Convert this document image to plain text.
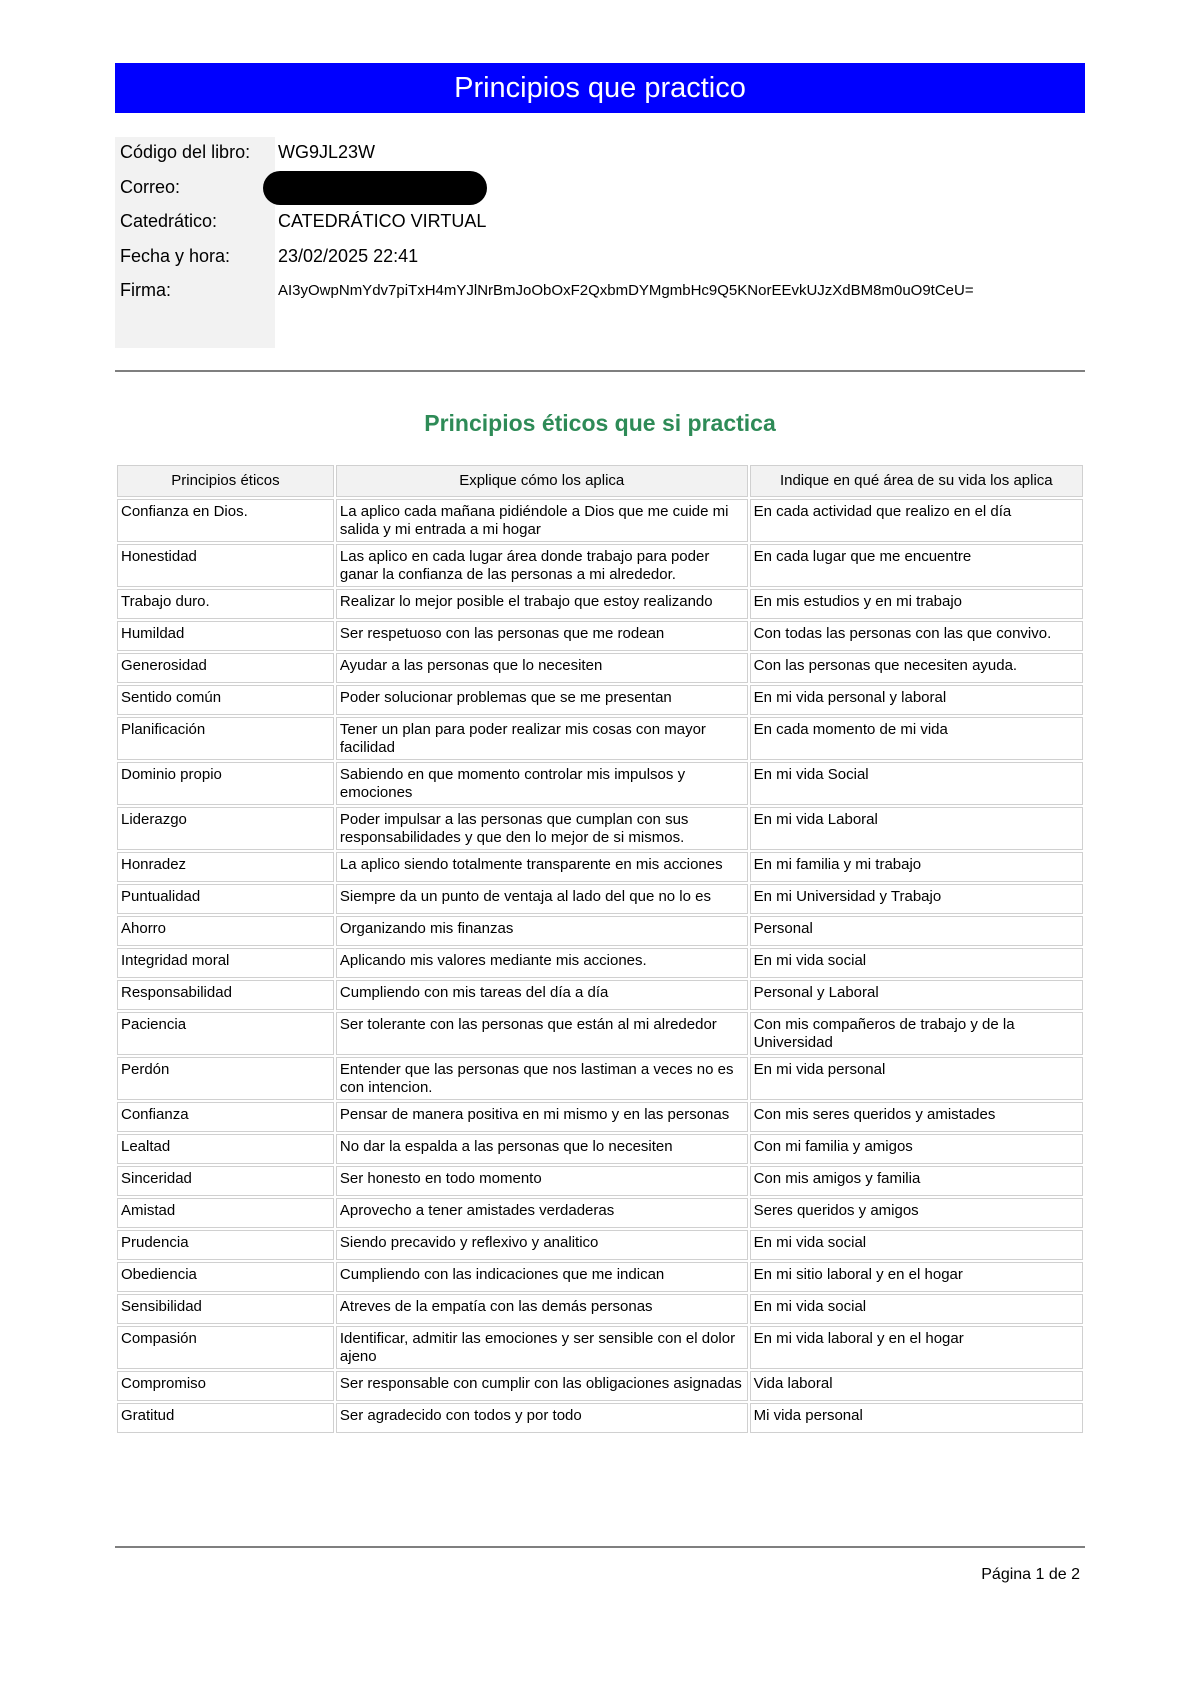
Principios que practico
Código del libro: WG9JL23W
Correo:
Catedrático:	CATEDRÁTICO VIRTUAL
Fecha y hora:	23/02/2025 22:41
Firma:	AI3yOwpNmYdv7piTxH4mYJlNrBmJoObOxF2QxbmDYMgmbHc9Q5KNorEEvkUJzXdBM8m0uO9tCeU=
Principios éticos que si practica
Principios éticos	Explique cómo los aplica	Indique en qué área de su vida los aplica
Confianza en Dios.	La aplico cada mañana pidiéndole a Dios que me cuide mi salida y mi entrada a mi hogar	En cada actividad que realizo en el día
Honestidad	Las aplico en cada lugar área donde trabajo para poder ganar la confianza de las personas a mi alrededor.	En cada lugar que me encuentre
Trabajo duro.	Realizar lo mejor posible el trabajo que estoy realizando	En mis estudios y en mi trabajo
Humildad	Ser respetuoso con las personas que me rodean	Con todas las personas con las que convivo.
Generosidad	Ayudar a las personas que lo necesiten	Con las personas que necesiten ayuda.
Sentido común	Poder solucionar problemas que se me presentan	En mi vida personal y laboral
Planificación	Tener un plan para poder realizar mis cosas con mayor facilidad	En cada momento de mi vida
Dominio propio	Sabiendo en que momento controlar mis impulsos y emociones	En mi vida Social
Liderazgo	Poder impulsar a las personas que cumplan con sus responsabilidades y que den lo mejor de si mismos.	En mi vida Laboral
Honradez	La aplico siendo totalmente transparente en mis acciones	En mi familia y mi trabajo
Puntualidad	Siempre da un punto de ventaja al lado del que no lo es	En mi Universidad y Trabajo
Ahorro	Organizando mis finanzas	Personal
Integridad moral	Aplicando mis valores mediante mis acciones.	En mi vida social
Responsabilidad	Cumpliendo con mis tareas del día a día	Personal y Laboral
Paciencia	Ser tolerante con las personas que están al mi alrededor	Con mis compañeros de trabajo y de la Universidad
Perdón	Entender que las personas que nos lastiman a veces no es con intencion.	En mi vida personal
Confianza	Pensar de manera positiva en mi mismo y en las personas	Con mis seres queridos y amistades
Lealtad	No dar la espalda a las personas que lo necesiten	Con mi familia y amigos
Sinceridad	Ser honesto en todo momento	Con mis amigos y familia
Amistad	Aprovecho a tener amistades verdaderas	Seres queridos y amigos
Prudencia	Siendo precavido y reflexivo y analitico	En mi vida social
Obediencia	Cumpliendo con las indicaciones que me indican	En mi sitio laboral y en el hogar
Sensibilidad	Atreves de la empatía con las demás personas	En mi vida social
Compasión	Identificar, admitir las emociones y ser sensible con el dolor ajeno	En mi vida laboral y en el hogar
Compromiso	Ser responsable con cumplir con las obligaciones asignadas	Vida laboral
Gratitud	Ser agradecido con todos y por todo	Mi vida personal
Página 1 de 2
